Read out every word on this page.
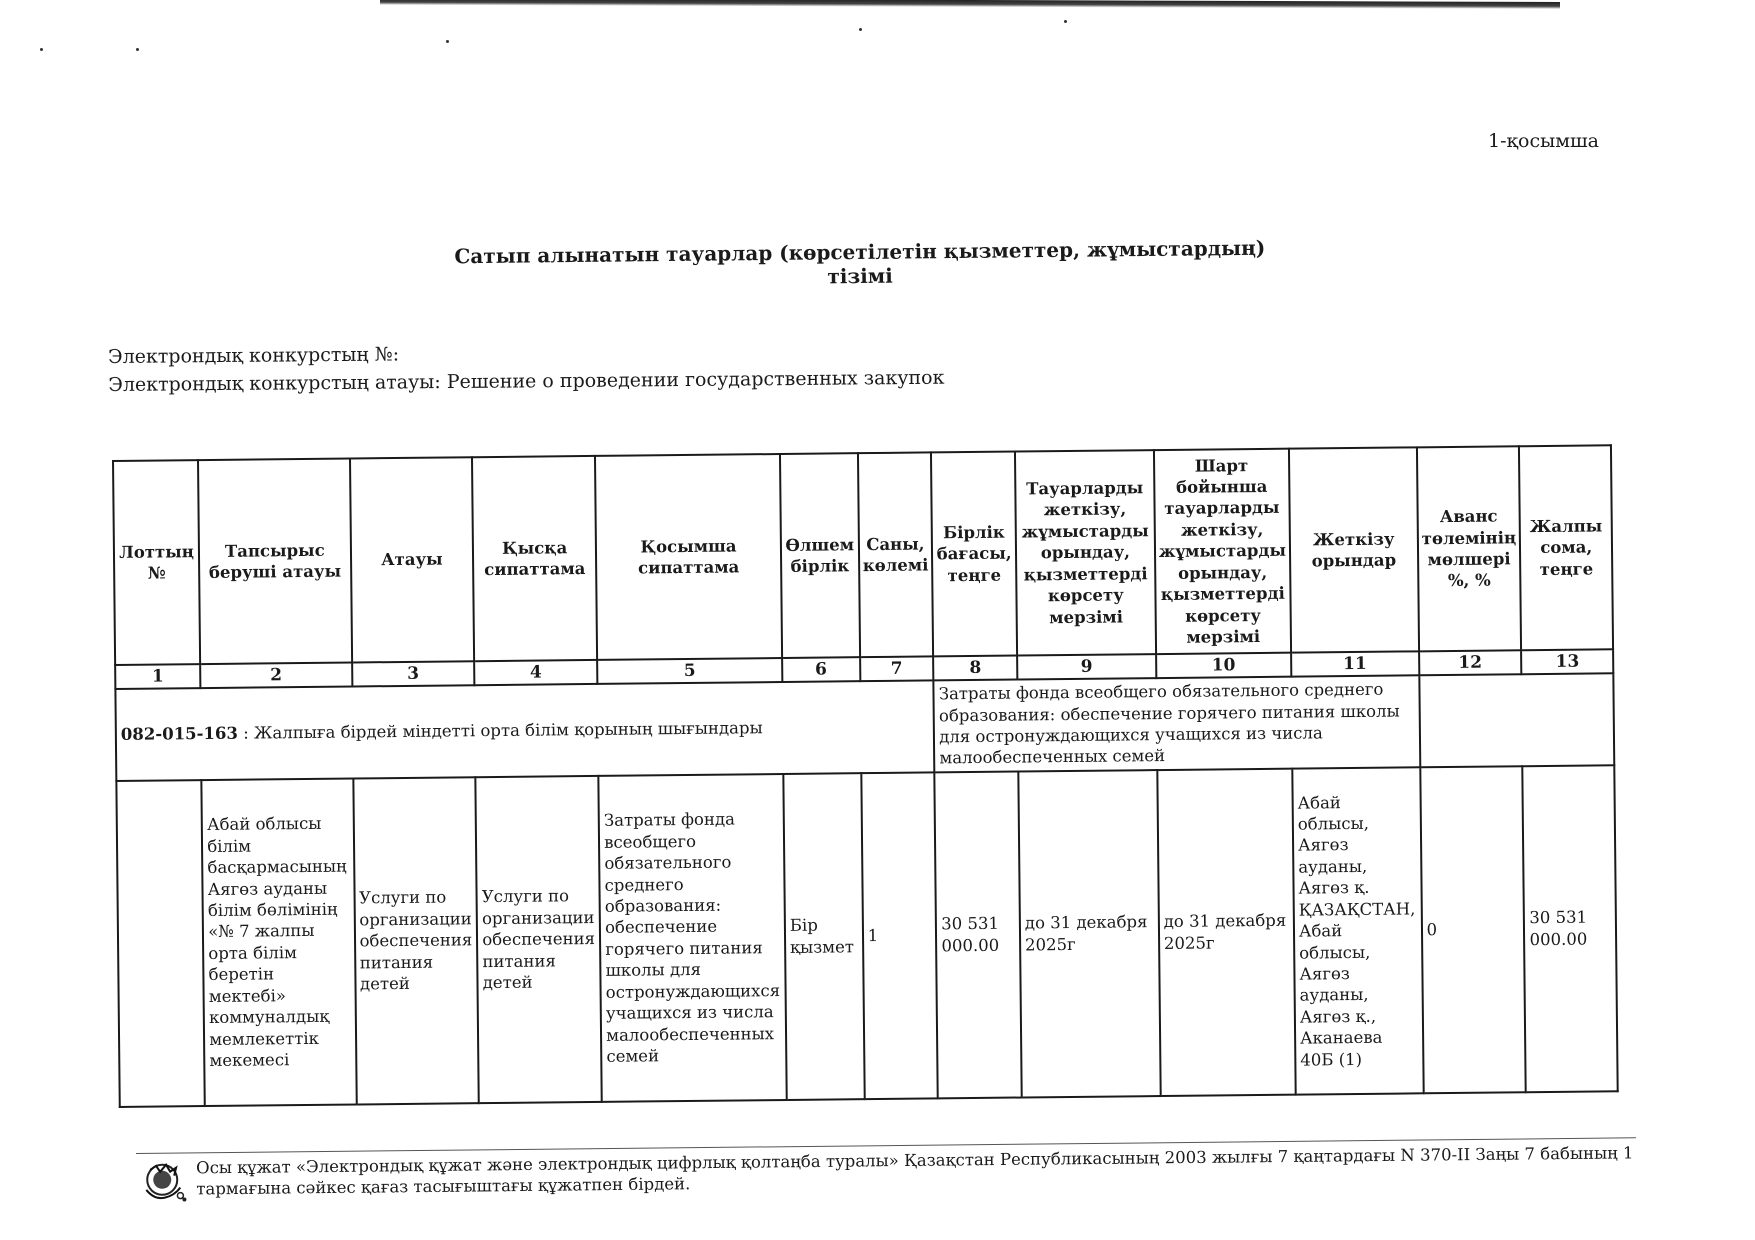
1-қосымша
Сатып алынатын тауарлар (көрсетілетін қызметтер, жұмыстардың) тізімі
Электрондық конкурстың №:
Электрондық конкурстың атауы: Решение о проведении государственных закупок
Лоттың №	Тапсырыс беруші атауы	Атауы	Қысқа сипаттама	Қосымша сипаттама	Өлшем бірлік	Саны, көлемі	Бірлік бағасы, теңге	Тауарларды жеткізу, жұмыстарды орындау, қызметтерді көрсету мерзімі	Шарт бойынша тауарларды жеткізу, жұмыстарды орындау, қызметтерді көрсету мерзімі	Жеткізу орындар	Аванс төлемінің мөлшері %, %	Жалпы сома, теңге
1	2	3	4	5	6	7	8	9	10	11	12	13
082-015-163 : Жалпыға бірдей міндетті орта білім қорының шығындары							Затраты фонда всеобщего обязательного среднего образования: обеспечение горячего питания школы для остронуждающихся учащихся из числа малообеспеченных семей					
	Абай облысы білім басқармасының Аягөз ауданы білім бөлімінің «№ 7 жалпы орта білім беретін мектебі» коммуналдық мемлекеттік мекемесі	Услуги по организации обеспечения питания детей	Услуги по организации обеспечения питания детей	Затраты фонда всеобщего обязательного среднего образования: обеспечение горячего питания школы для остронуждающихся учащихся из числа малообеспеченных семей	Бір қызмет	1	30 531 000.00	до 31 декабря 2025г	до 31 декабря 2025г	Абай облысы, Аягөз ауданы, Аягөз қ. ҚАЗАҚСТАН, Абай облысы, Аягөз ауданы, Аягөз қ., Аканаева 40Б (1)	0	30 531 000.00
Осы құжат «Электрондық құжат және электрондық цифрлық қолтаңба туралы» Қазақстан Республикасының 2003 жылғы 7 қаңтардағы N 370-II Заңы 7 бабының 1 тармағына сәйкес қағаз тасығыштағы құжатпен бірдей.
